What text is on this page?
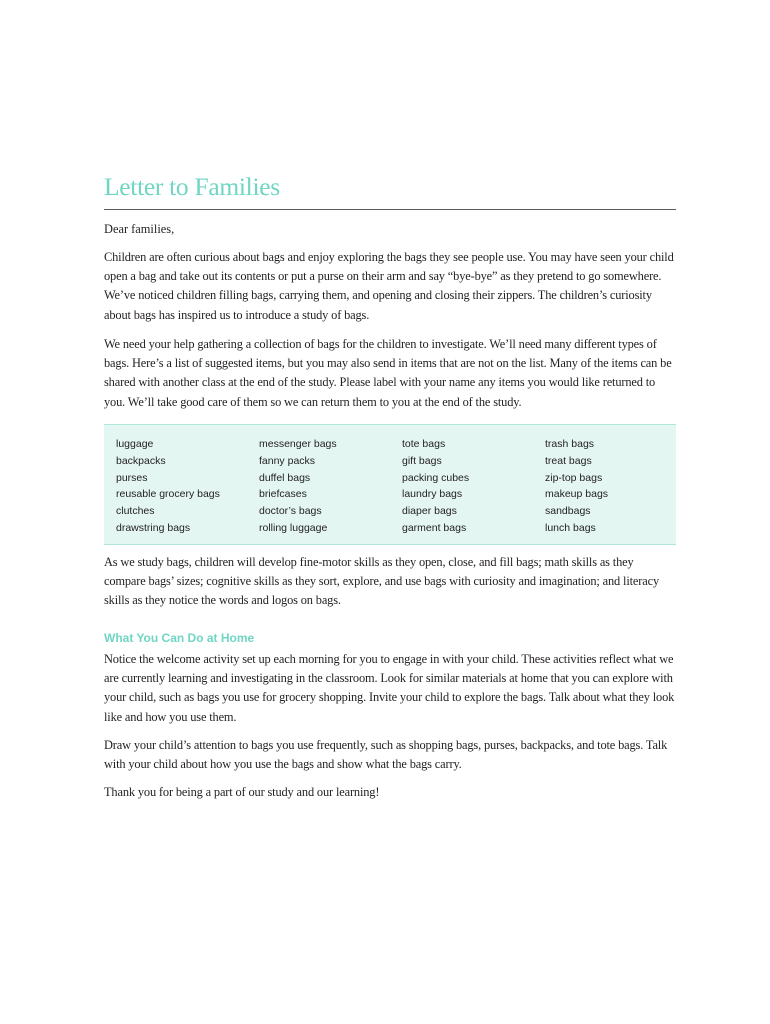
Letter to Families

Dear families,

Children are often curious about bags and enjoy exploring the bags they see people use. You may have seen your child open a bag and take out its contents or put a purse on their arm and say “bye-bye” as they pretend to go somewhere. We’ve noticed children filling bags, carrying them, and opening and closing their zippers. The children’s curiosity about bags has inspired us to introduce a study of bags.

We need your help gathering a collection of bags for the children to investigate. We’ll need many different types of bags. Here’s a list of suggested items, but you may also send in items that are not on the list. Many of the items can be shared with another class at the end of the study. Please label with your name any items you would like returned to you. We’ll take good care of them so we can return them to you at the end of the study.

luggage
backpacks
purses
reusable grocery bags
clutches
drawstring bags
messenger bags
fanny packs
duffel bags
briefcases
doctor’s bags
rolling luggage
tote bags
gift bags
packing cubes
laundry bags
diaper bags
garment bags
trash bags
treat bags
zip-top bags
makeup bags
sandbags
lunch bags

As we study bags, children will develop fine-motor skills as they open, close, and fill bags; math skills as they compare bags’ sizes; cognitive skills as they sort, explore, and use bags with curiosity and imagination; and literacy skills as they notice the words and logos on bags.

What You Can Do at Home

Notice the welcome activity set up each morning for you to engage in with your child. These activities reflect what we are currently learning and investigating in the classroom. Look for similar materials at home that you can explore with your child, such as bags you use for grocery shopping. Invite your child to explore the bags. Talk about what they look like and how you use them.

Draw your child’s attention to bags you use frequently, such as shopping bags, purses, backpacks, and tote bags. Talk with your child about how you use the bags and show what the bags carry.

Thank you for being a part of our study and our learning!
